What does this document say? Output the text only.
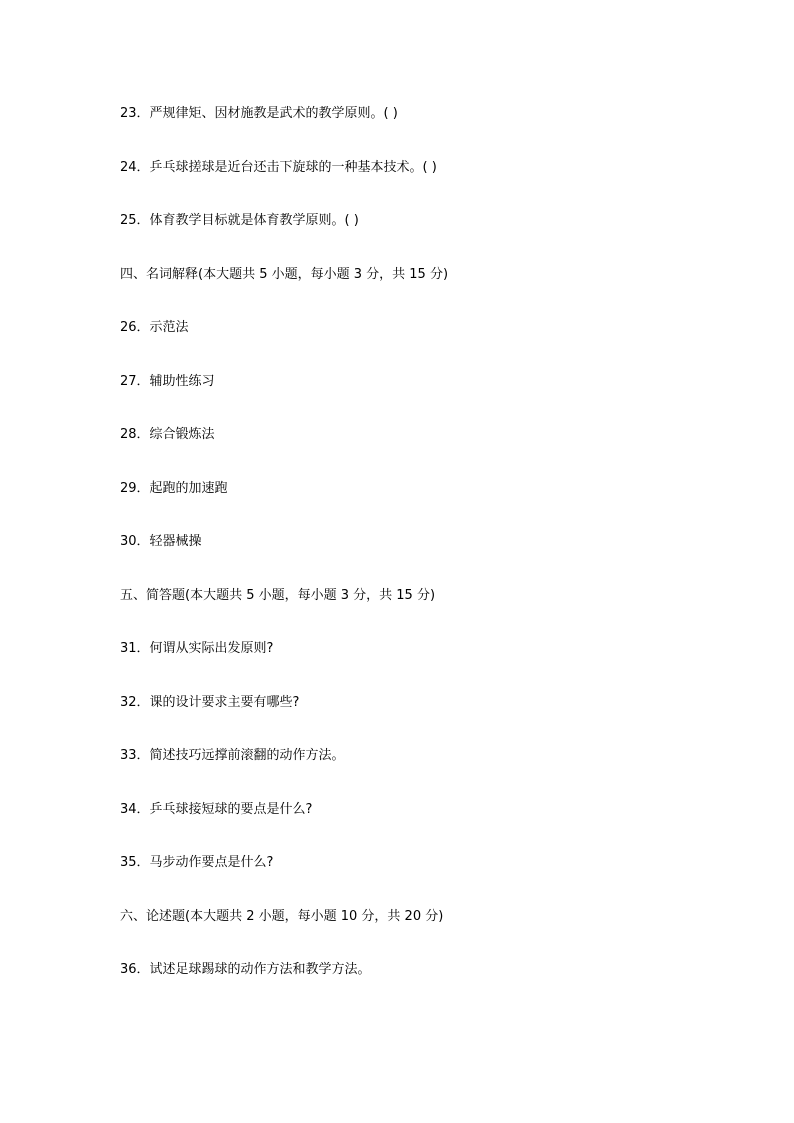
23．严规律矩、因材施教是武术的教学原则。( )
24．乒乓球搓球是近台还击下旋球的一种基本技术。( )
25．体育教学目标就是体育教学原则。( )
四、名词解释(本大题共 5 小题，每小题 3 分，共 15 分)
26．示范法
27．辅助性练习
28．综合锻炼法
29．起跑的加速跑
30．轻器械操
五、简答题(本大题共 5 小题，每小题 3 分，共 15 分)
31．何谓从实际出发原则?
32．课的设计要求主要有哪些?
33．简述技巧远撑前滚翻的动作方法。
34．乒乓球接短球的要点是什么?
35．马步动作要点是什么?
六、论述题(本大题共 2 小题，每小题 10 分，共 20 分)
36．试述足球踢球的动作方法和教学方法。
